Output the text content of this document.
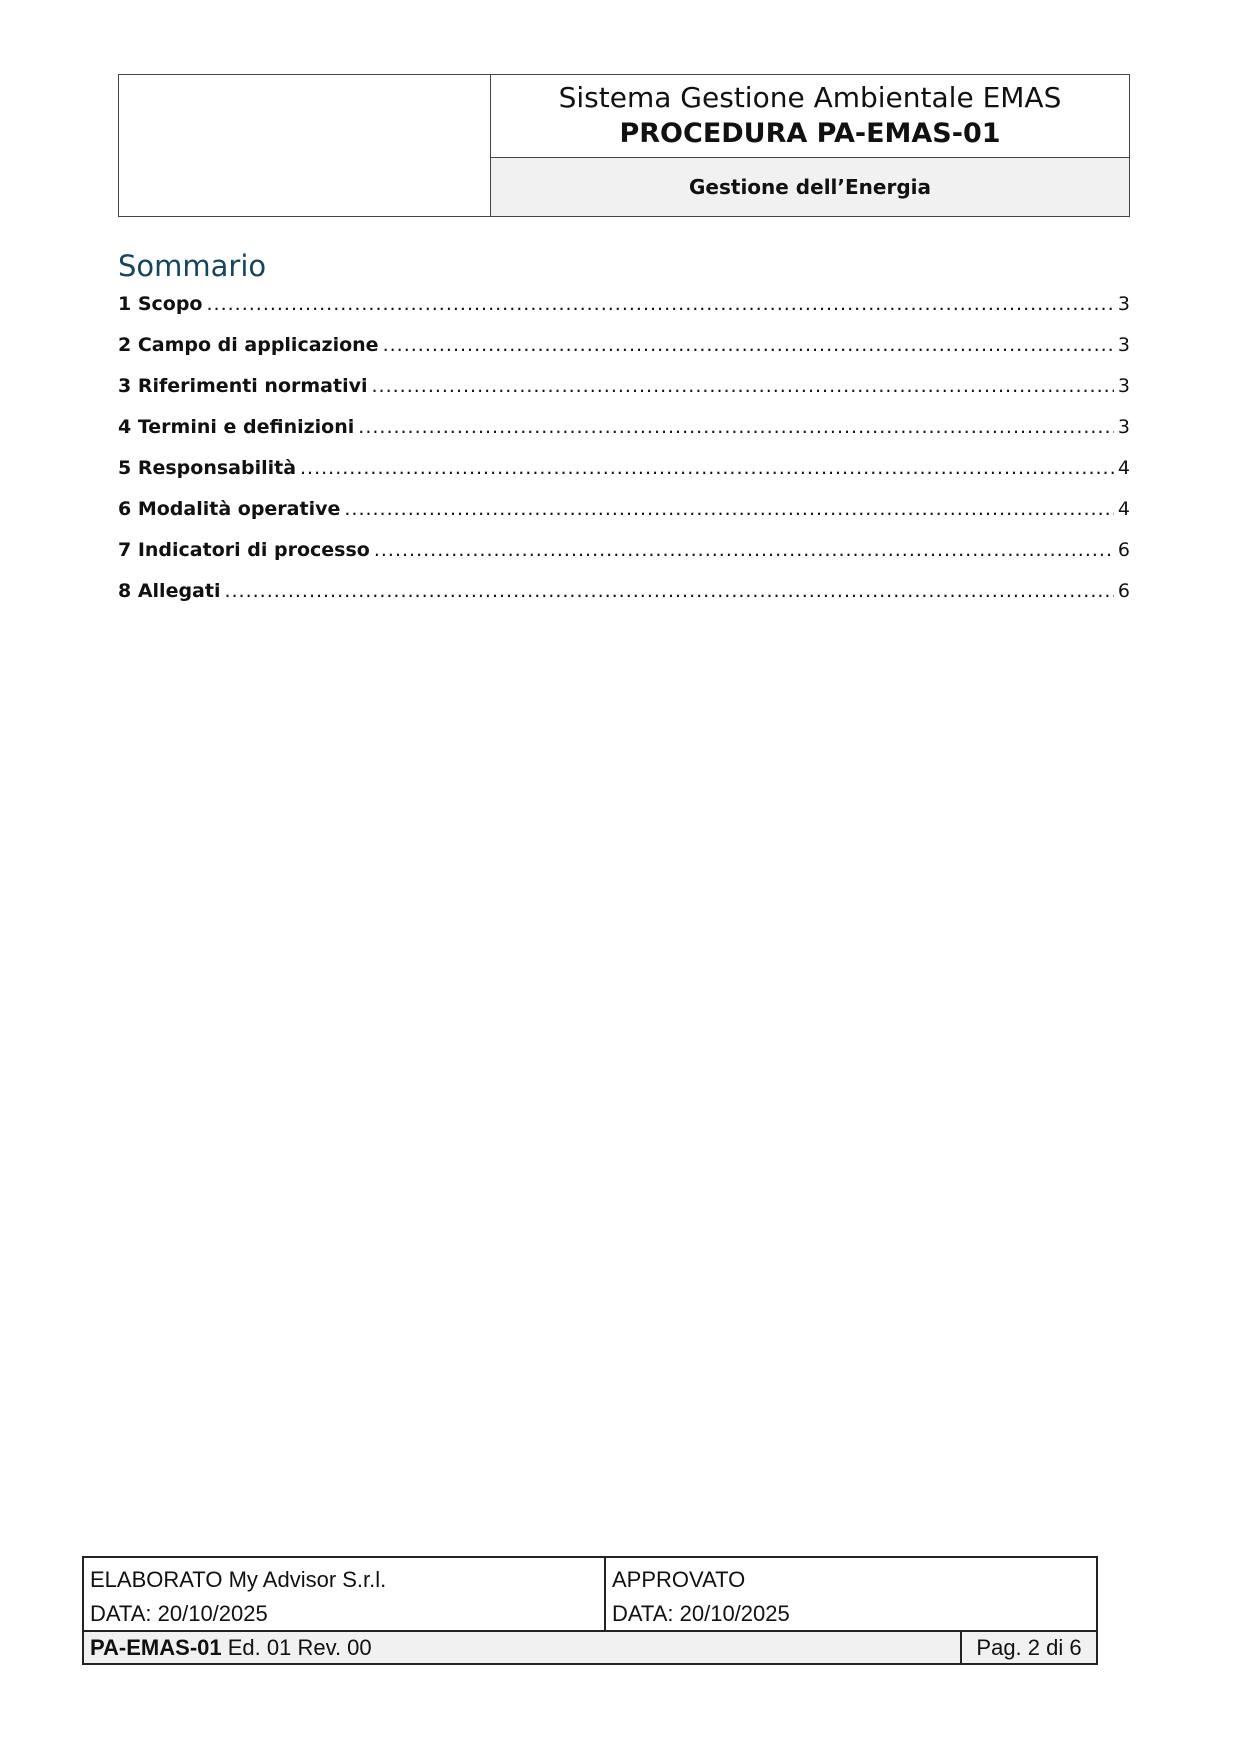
Sistema Gestione Ambientale EMAS
PROCEDURA PA-EMAS-01
Gestione dell’Energia
Sommario
1 Scopo .....	3
2 Campo di applicazione .....	3
3 Riferimenti normativi .....	3
4 Termini e definizioni .....	3
5 Responsabilità .....	4
6 Modalità operative .....	4
7 Indicatori di processo .....	6
8 Allegati .....	6
ELABORATO My Advisor S.r.l.
DATA: 20/10/2025
APPROVATO
DATA: 20/10/2025
PA-EMAS-01 Ed. 01 Rev. 00	Pag. 2 di 6
